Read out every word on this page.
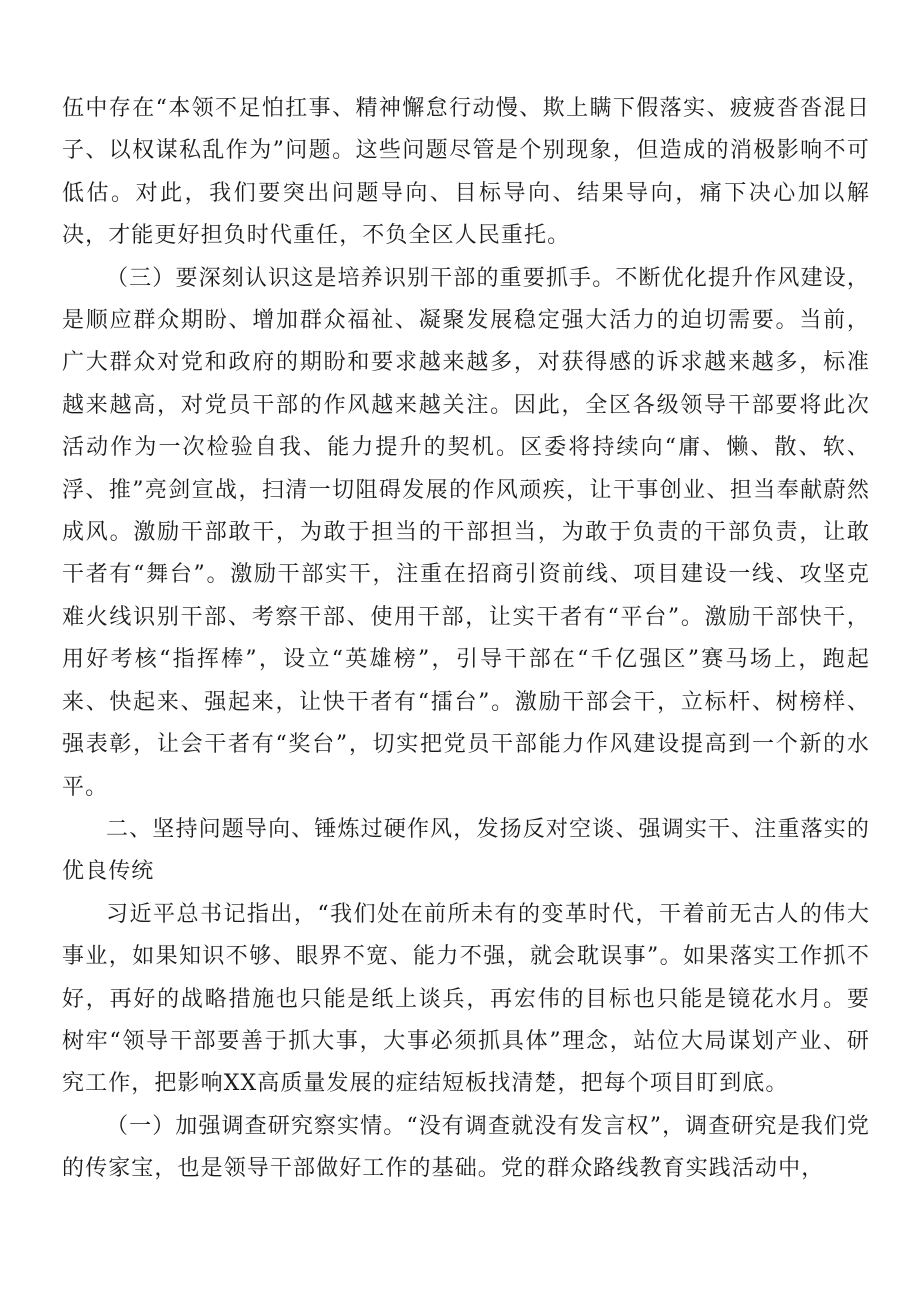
伍中存在“本领不足怕扛事、精神懈怠行动慢、欺上瞒下假落实、疲疲沓沓混日子、以权谋私乱作为”问题。这些问题尽管是个别现象，但造成的消极影响不可低估。对此，我们要突出问题导向、目标导向、结果导向，痛下决心加以解决，才能更好担负时代重任，不负全区人民重托。

（三）要深刻认识这是培养识别干部的重要抓手。不断优化提升作风建设，是顺应群众期盼、增加群众福祉、凝聚发展稳定强大活力的迫切需要。当前，广大群众对党和政府的期盼和要求越来越多，对获得感的诉求越来越多，标准越来越高，对党员干部的作风越来越关注。因此，全区各级领导干部要将此次活动作为一次检验自我、能力提升的契机。区委将持续向“庸、懒、散、软、浮、推”亮剑宣战，扫清一切阻碍发展的作风顽疾，让干事创业、担当奉献蔚然成风。激励干部敢干，为敢于担当的干部担当，为敢于负责的干部负责，让敢干者有“舞台”。激励干部实干，注重在招商引资前线、项目建设一线、攻坚克难火线识别干部、考察干部、使用干部，让实干者有“平台”。激励干部快干，用好考核“指挥棒”，设立“英雄榜”，引导干部在“千亿强区”赛马场上，跑起来、快起来、强起来，让快干者有“擂台”。激励干部会干，立标杆、树榜样、强表彰，让会干者有“奖台”，切实把党员干部能力作风建设提高到一个新的水平。

二、坚持问题导向、锤炼过硬作风，发扬反对空谈、强调实干、注重落实的优良传统

习近平总书记指出，“我们处在前所未有的变革时代，干着前无古人的伟大事业，如果知识不够、眼界不宽、能力不强，就会耽误事”。如果落实工作抓不好，再好的战略措施也只能是纸上谈兵，再宏伟的目标也只能是镜花水月。要树牢“领导干部要善于抓大事，大事必须抓具体”理念，站位大局谋划产业、研究工作，把影响XX高质量发展的症结短板找清楚，把每个项目盯到底。

（一）加强调查研究察实情。“没有调查就没有发言权”，调查研究是我们党的传家宝，也是领导干部做好工作的基础。党的群众路线教育实践活动中，
